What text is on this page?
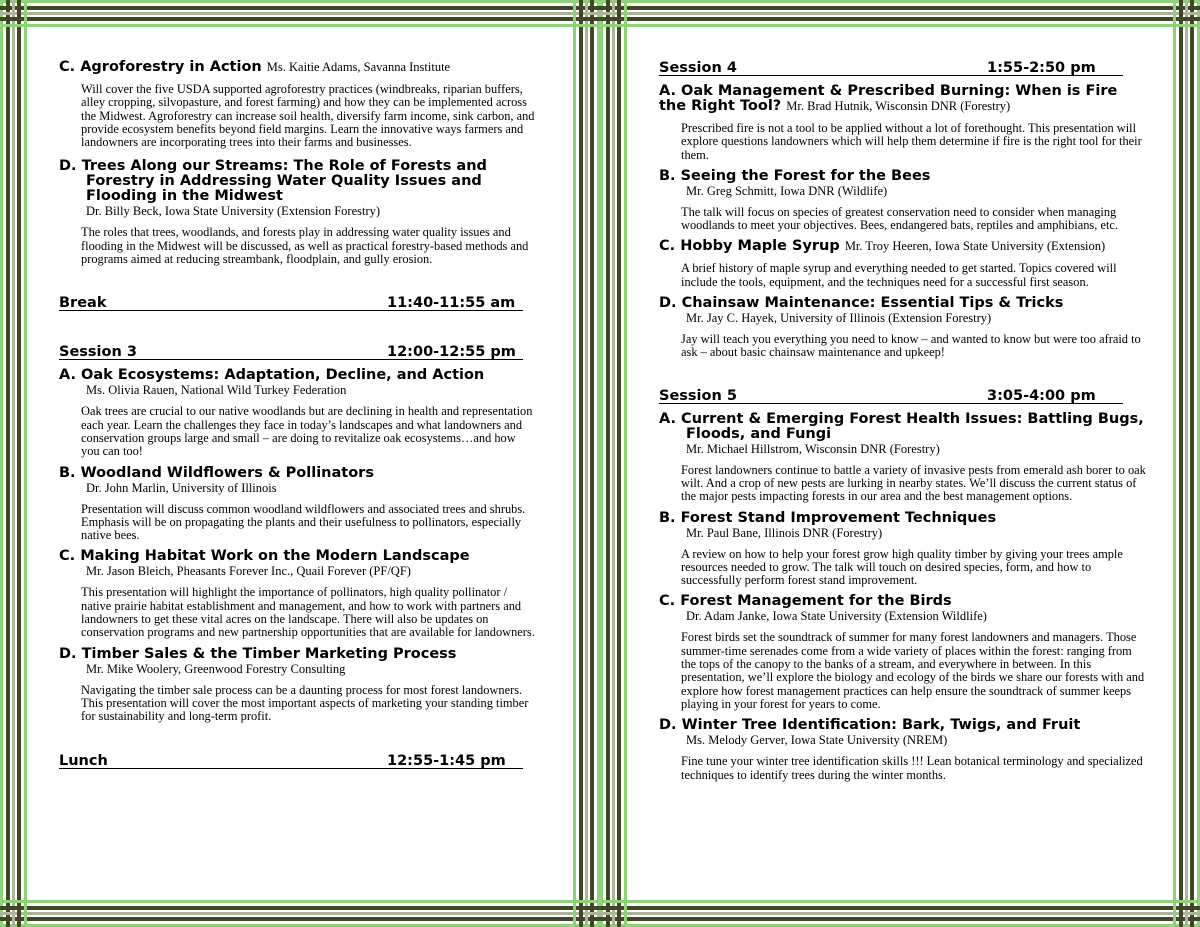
C. Agroforestry in Action Ms. Kaitie Adams, Savanna Institute
Will cover the five USDA supported agroforestry practices (windbreaks, riparian buffers, alley cropping, silvopasture, and forest farming) and how they can be implemented across the Midwest. Agroforestry can increase soil health, diversify farm income, sink carbon, and provide ecosystem benefits beyond field margins. Learn the innovative ways farmers and landowners are incorporating trees into their farms and businesses.
D. Trees Along our Streams: The Role of Forests and Forestry in Addressing Water Quality Issues and Flooding in the Midwest
Dr. Billy Beck, Iowa State University (Extension Forestry)
The roles that trees, woodlands, and forests play in addressing water quality issues and flooding in the Midwest will be discussed, as well as practical forestry-based methods and programs aimed at reducing streambank, floodplain, and gully erosion.
Break	11:40-11:55 am
Session 3	12:00-12:55 pm
A. Oak Ecosystems: Adaptation, Decline, and Action
Ms. Olivia Rauen, National Wild Turkey Federation
Oak trees are crucial to our native woodlands but are declining in health and representation each year. Learn the challenges they face in today’s landscapes and what landowners and conservation groups large and small – are doing to revitalize oak ecosystems…and how you can too!
B. Woodland Wildflowers & Pollinators
Dr. John Marlin, University of Illinois
Presentation will discuss common woodland wildflowers and associated trees and shrubs. Emphasis will be on propagating the plants and their usefulness to pollinators, especially native bees.
C. Making Habitat Work on the Modern Landscape
Mr. Jason Bleich, Pheasants Forever Inc., Quail Forever (PF/QF)
This presentation will highlight the importance of pollinators, high quality pollinator / native prairie habitat establishment and management, and how to work with partners and landowners to get these vital acres on the landscape. There will also be updates on conservation programs and new partnership opportunities that are available for landowners.
D. Timber Sales & the Timber Marketing Process
Mr. Mike Woolery, Greenwood Forestry Consulting
Navigating the timber sale process can be a daunting process for most forest landowners. This presentation will cover the most important aspects of marketing your standing timber for sustainability and long-term profit.
Lunch	12:55-1:45 pm
Session 4	1:55-2:50 pm
A. Oak Management & Prescribed Burning: When is Fire the Right Tool? Mr. Brad Hutnik, Wisconsin DNR (Forestry)
Prescribed fire is not a tool to be applied without a lot of forethought. This presentation will explore questions landowners which will help them determine if fire is the right tool for their them.
B. Seeing the Forest for the Bees
Mr. Greg Schmitt, Iowa DNR (Wildlife)
The talk will focus on species of greatest conservation need to consider when managing woodlands to meet your objectives. Bees, endangered bats, reptiles and amphibians, etc.
C. Hobby Maple Syrup Mr. Troy Heeren, Iowa State University (Extension)
A brief history of maple syrup and everything needed to get started. Topics covered will include the tools, equipment, and the techniques need for a successful first season.
D. Chainsaw Maintenance: Essential Tips & Tricks
Mr. Jay C. Hayek, University of Illinois (Extension Forestry)
Jay will teach you everything you need to know – and wanted to know but were too afraid to ask – about basic chainsaw maintenance and upkeep!
Session 5	3:05-4:00 pm
A. Current & Emerging Forest Health Issues: Battling Bugs, Floods, and Fungi
Mr. Michael Hillstrom, Wisconsin DNR (Forestry)
Forest landowners continue to battle a variety of invasive pests from emerald ash borer to oak wilt. And a crop of new pests are lurking in nearby states. We’ll discuss the current status of the major pests impacting forests in our area and the best management options.
B. Forest Stand Improvement Techniques
Mr. Paul Bane, Illinois DNR (Forestry)
A review on how to help your forest grow high quality timber by giving your trees ample resources needed to grow. The talk will touch on desired species, form, and how to successfully perform forest stand improvement.
C. Forest Management for the Birds
Dr. Adam Janke, Iowa State University (Extension Wildlife)
Forest birds set the soundtrack of summer for many forest landowners and managers. Those summer-time serenades come from a wide variety of places within the forest: ranging from the tops of the canopy to the banks of a stream, and everywhere in between. In this presentation, we’ll explore the biology and ecology of the birds we share our forests with and explore how forest management practices can help ensure the soundtrack of summer keeps playing in your forest for years to come.
D. Winter Tree Identification: Bark, Twigs, and Fruit
Ms. Melody Gerver, Iowa State University (NREM)
Fine tune your winter tree identification skills !!! Lean botanical terminology and specialized techniques to identify trees during the winter months.
